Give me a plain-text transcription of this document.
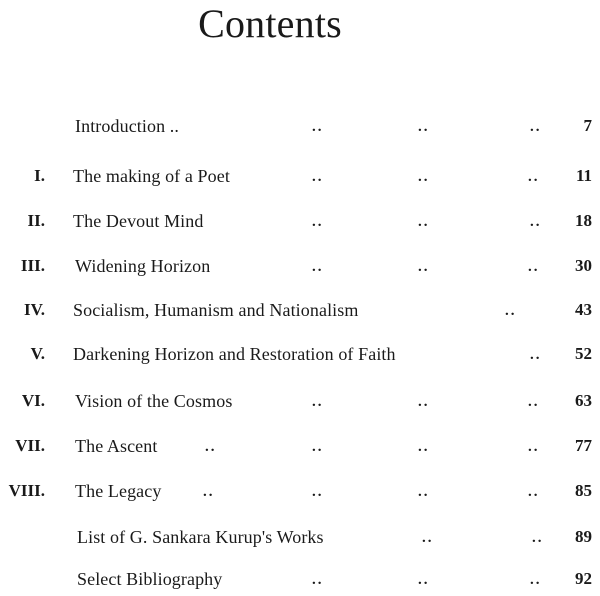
Contents
Introduction ..	..	..	.. 7
I. The making of a Poet	..	..	.. 11
II. The Devout Mind	..	..	.. 18
III. Widening Horizon	..	..	.. 30
IV. Socialism, Humanism and Nationalism	..	43
V. Darkening Horizon and Restoration of Faith	.. 52
VI. Vision of the Cosmos	..	..	.. 63
VII. The Ascent	..	..	..	.. 77
VIII. The Legacy	..	..	..	.. 85
List of G. Sankara Kurup's Works	..	.. 89
Select Bibliography	..	..	.. 92
